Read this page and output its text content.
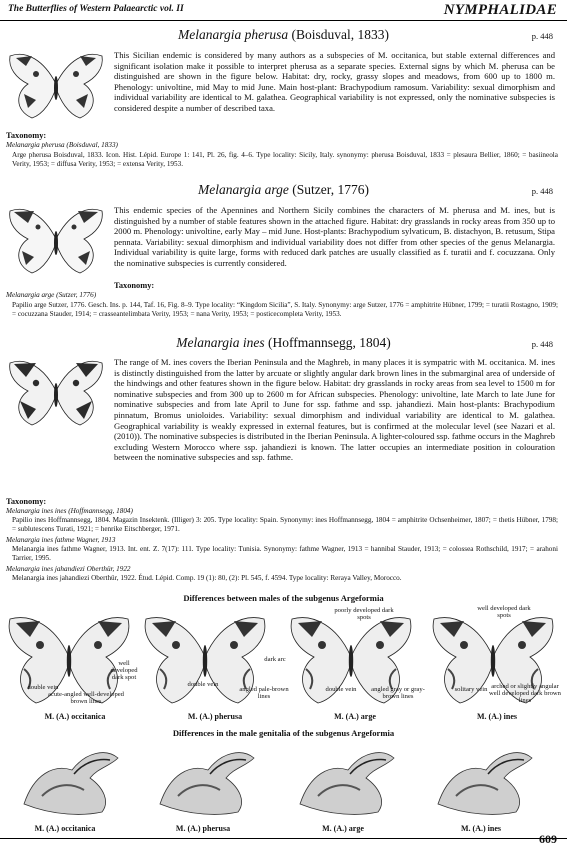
The Butterflies of Western Palaearctic vol. II	NYMPHALIDAE
Melanargia pherusa (Boisduval, 1833)	p. 448
This Sicilian endemic is considered by many authors as a subspecies of M. occitanica, but stable external differences and significant isolation make it possible to interpret pherusa as a separate species. External signs by which M. pherusa can be distinguished are shown in the figure below. Habitat: dry, rocky, grassy slopes and meadows, from 600 up to 1800 m. Phenology: univoltine, mid May to mid June. Main host-plant: Brachypodium ramosum. Variability: sexual dimorphism and individual variability are identical to M. galathea. Geographical variability is not expressed, only the nominative subspecies is considered despite a number of described taxa.
Taxonomy:
Melanargia pherusa (Boisduval, 1833)
Arge pherusa Boisduval, 1833. Icon. Hist. Lépid. Europe 1: 141, Pl. 26, fig. 4–6. Type locality: Sicily, Italy. synonymy: pherusa Boisduval, 1833 = plesaura Bellier, 1860; = basiineola Verity, 1953; = diffusa Verity, 1953; = extensa Verity, 1953.
Melanargia arge (Sutzer, 1776)	p. 448
This endemic species of the Apennines and Northern Sicily combines the characters of M. pherusa and M. ines, but is distinguished by a number of stable features shown in the attached figure. Habitat: dry grasslands in rocky areas from 350 up to 2000 m. Phenology: univoltine, early May – mid June. Host-plants: Brachypodium sylvaticum, B. distachyon, B. retusum, Stipa pennata. Variability: sexual dimorphism and individual variability does not differ from other species of the genus Melanargia. Individual variability is quite large, forms with reduced dark patches are usually classified as f. turatii and f. cocuzzana. Only the nominative subspecies is currently considered.
Taxonomy:
Melanargia arge (Sutzer, 1776)
Papilio arge Sutzer, 1776. Gesch. Ins. p. 144, Taf. 16, Fig. 8–9. Type locality: “Kingdom Sicilia”, S. Italy. Synonymy: arge Sutzer, 1776 = amphitrite Hübner, 1799; = turatii Rostagno, 1909; = cocuzzana Stauder, 1914; = crasseantelimbata Verity, 1953; = nana Verity, 1953; = posticecompleta Verity, 1953.
Melanargia ines (Hoffmannsegg, 1804)	p. 448
The range of M. ines covers the Iberian Peninsula and the Maghreb, in many places it is sympatric with M. occitanica. M. ines is distinctly distinguished from the latter by arcuate or slightly angular dark brown lines in the submarginal area of underside of the hindwings and other features shown in the figure below. Habitat: dry grasslands in rocky areas from sea level to 1500 m for nominative subspecies and from 300 up to 2600 m for African subspecies. Phenology: univoltine, late March to late June for nominative subspecies and from late April to June for ssp. fathme and ssp. jahandiezi. Main host-plants: Brachypodium pinnatum, Bromus unioloides. Variability: sexual dimorphism and individual variability are identical to M. galathea. Geographical variability is weakly expressed in external features, but is confirmed at the molecular level (see Nazari et al. (2010)). The nominative subspecies is distributed in the Iberian Peninsula. A lighter-coloured ssp. fathme occurs in the Maghreb excluding Western Morocco where ssp. jahandiezi is known. The latter occupies an intermediate position in colouration between the nominative subspecies and ssp. fathme.
Taxonomy:
Melanargia ines ines (Hoffmannsegg, 1804)
Papilio ines Hoffmannsegg, 1804. Magazin Insektenk. (Illiger) 3: 205. Type locality: Spain. Synonymy: ines Hoffmannsegg, 1804 = amphitrite Ochsenheimer, 1807; = thetis Hübner, 1798; = sublutescens Turati, 1921; = henrike Eitschberger, 1971.
Melanargia ines fathme Wagner, 1913
Melanargia ines fathme Wagner, 1913. Int. ent. Z. 7(17): 111. Type locality: Tunisia. Synonymy: fathme Wagner, 1913 = hannibal Stauder, 1913; = colossea Rothschild, 1917; = arahoni Tarrier, 1995.
Melanargia ines jahandiezi Oberthür, 1922
Melanargia ines jahandiezi Oberthür, 1922. Étud. Lépid. Comp. 19 (1): 80, (2): Pl. 545, f. 4594. Type locality: Reraya Valley, Morocco.
Differences between males of the subgenus Argeformia
well developed dark spot
double vein
acute-angled well-developed brown lines
M. (A.) occitanica
dark arc
double vein
angled pale-brown lines
M. (A.) pherusa
poorly developed dark spots
double vein	angled gray or gray-brown lines
M. (A.) arge
well developed dark spots
solitary vein arched or slightly angular well developed dark brown lines
M. (A.) ines
Differences in the male genitalia of the subgenus Argeformia
M. (A.) occitanica	M. (A.) pherusa	M. (A.) arge	M. (A.) ines
609
